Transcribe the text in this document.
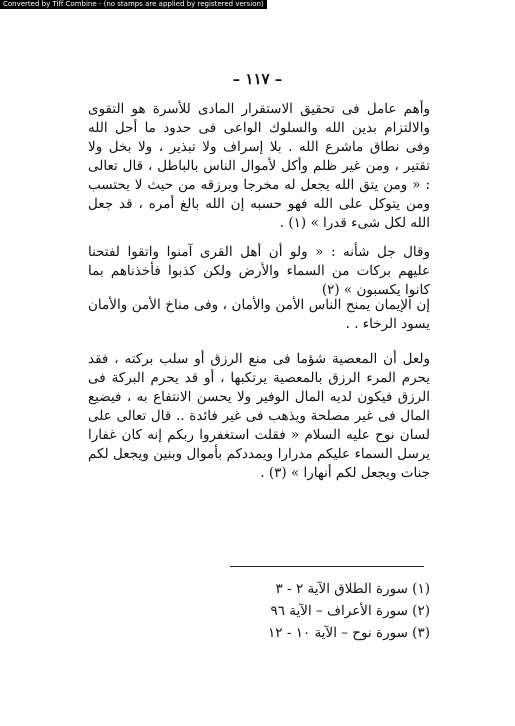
Converted by Tiff Combine - (no stamps are applied by registered version)
– ١١٧ –

وأهم عامل فى تحقيق الاستقرار المادى للأسرة هو التقوى والالتزام بدين الله والسلوك الواعى فى حدود ما أحل الله وفى نطاق ماشرع الله . بلا إسراف ولا تبذير ، ولا بخل ولا تقتير ، ومن غير ظلم وأكل لأموال الناس بالباطل ، قال تعالى : « ومن يتق الله يجعل له مخرجا ويرزقه من حيث لا يحتسب ومن يتوكل على الله فهو حسبه إن الله بالغ أمره ، قد جعل الله لكل شىء قدرا » (١) .

وقال جل شأنه : « ولو أن أهل القرى آمنوا واتقوا لفتحنا عليهم بركات من السماء والأرض ولكن كذبوا فأخذناهم بما كانوا يكسبون » (٢)

إن الإيمان يمنح الناس الأمن والأمان ، وفى مناخ الأمن والأمان يسود الرخاء . .

ولعل أن المعصية شؤما فى منع الرزق أو سلب بركته ، فقد يحرم المرء الرزق بالمعصية يرتكبها ، أو قد يحرم البركة فى الرزق فيكون لديه المال الوفير ولا يحسن الانتفاع به ، فيضيع المال فى غير مصلحة ويذهب فى غير فائدة .. قال تعالى على لسان نوح عليه السلام « فقلت استغفروا ربكم إنه كان غفارا يرسل السماء عليكم مدرارا ويمددكم بأموال وبنين ويجعل لكم جنات ويجعل لكم أنهارا » (٣) .

(١) سورة الطلاق الآية ٢ - ٣
(٢) سورة الأعراف – الآية ٩٦
(٣) سورة نوح – الآية ١٠ - ١٢
